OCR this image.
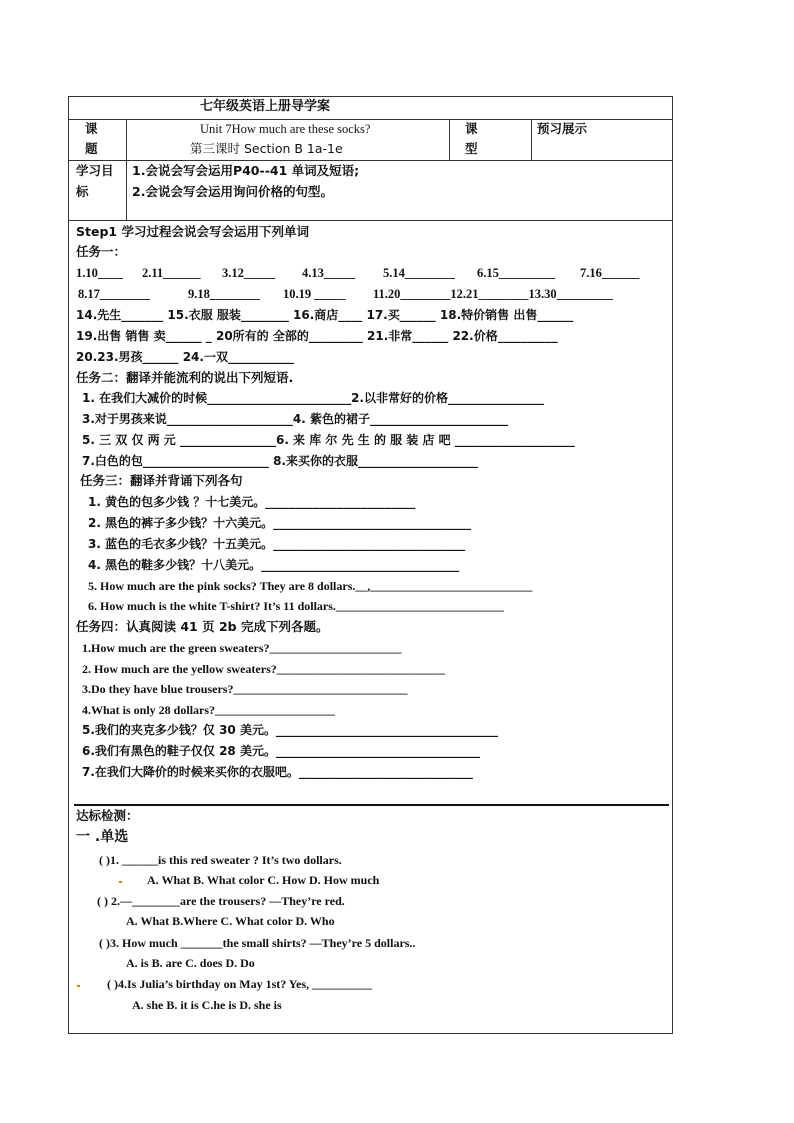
七年级英语上册导学案
课
题
Unit 7How much are these socks?
第三课时 Section B 1a-1e
课
型
预习展示
学习目
标
1.会说会写会运用P40--41 单词及短语;
2.会说会写会运用询问价格的句型。
Step1 学习过程会说会写会运用下列单词
任务一：
1.10____ 2.11______ 3.12_____ 4.13_____ 5.14________ 6.15_________ 7.16______
8.17________	9.18________ 10.19 _____ 11.20________12.21________13.30_________
14.先生_______ 15.衣服 服装________ 16.商店____ 17.买______ 18.特价销售 出售______
19.出售 销售 卖______ _ 20所有的 全部的_________ 21.非常______ 22.价格__________
20.23.男孩______ 24.一双___________
任务二：翻译并能流利的说出下列短语.
1. 在我们大减价的时候________________________2.以非常好的价格________________
3.对于男孩来说_____________________4. 紫色的裙子_______________________
5. 三 双 仅 两 元 ________________6. 来 库 尔 先 生 的 服 装 店 吧 ____________________
7.白色的包_____________________ 8.来买你的衣服____________________
任务三：翻译并背诵下列各句
1. 黄色的包多少钱 ？十七美元。_________________________
2. 黑色的裤子多少钱？十六美元。_________________________________
3. 蓝色的毛衣多少钱？十五美元。________________________________
4. 黑色的鞋多少钱？十八美元。_________________________________
5. How much are the pink socks? They are 8 dollars.__,___________________________
6. How much is the white T-shirt? It’s 11 dollars.____________________________
任务四：认真阅读 41 页 2b 完成下列各题。
1.How much are the green sweaters?______________________
2. How much are the yellow sweaters?____________________________
3.Do they have blue trousers?_____________________________
4.What is only 28 dollars?____________________
5.我们的夹克多少钱？仅 30 美元。_____________________________________
6.我们有黑色的鞋子仅仅 28 美元。__________________________________
7.在我们大降价的时候来买你的衣服吧。_____________________________
达标检测：
一 .单选
( )1. ______is this red sweater ? It’s two dollars.
A. What B. What color C. How D. How much
( ) 2.—________are the trousers? —They’re red.
A. What B.Where C. What color D. Who
( )3. How much _______the small shirts? —They’re 5 dollars..
A. is B. are C. does D. Do
( )4.Is Julia’s birthday on May 1st? Yes, __________
A. she B. it is C.he is D. she is
